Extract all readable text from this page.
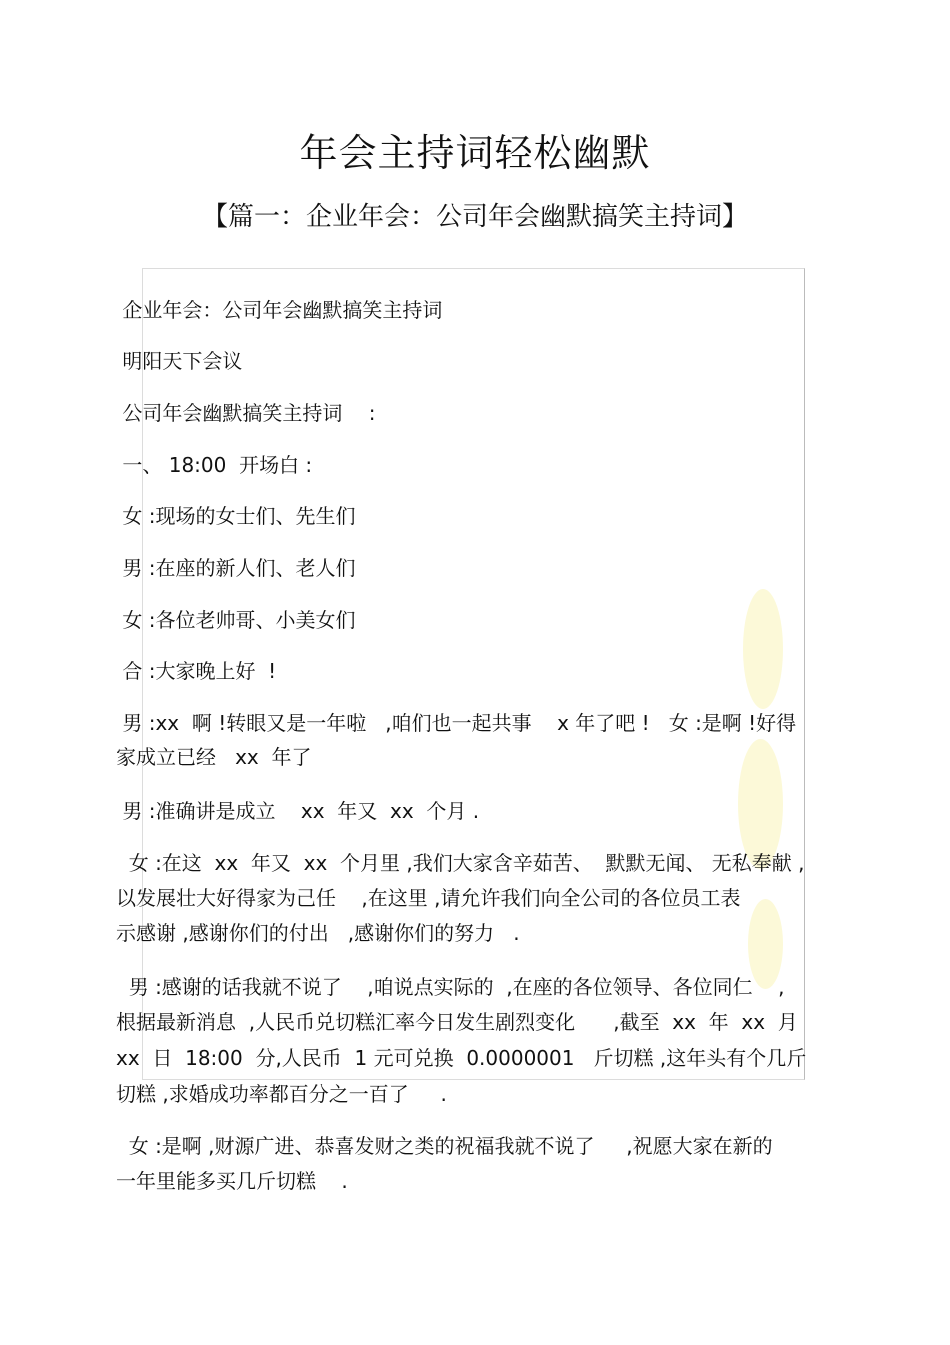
年会主持词轻松幽默
【篇一：企业年会：公司年会幽默搞笑主持词】

企业年会：公司年会幽默搞笑主持词

明阳天下会议

公司年会幽默搞笑主持词　 :

一、 18:00  开场白 :

女 :现场的女士们、先生们

男 :在座的新人们、老人们

女 :各位老帅哥、小美女们

合 :大家晚上好  !

男 :xx  啊 !转眼又是一年啦   ,咱们也一起共事    x 年了吧 !   女 :是啊 !好得

家成立已经   xx  年了

男 :准确讲是成立    xx  年又  xx  个月 .

女 :在这  xx  年又  xx  个月里 ,我们大家含辛茹苦、  默默无闻、 无私奉献 ,

以发展壮大好得家为己任    ,在这里 ,请允许我们向全公司的各位员工表

示感谢 ,感谢你们的付出   ,感谢你们的努力   .

男 :感谢的话我就不说了    ,咱说点实际的  ,在座的各位领导、各位同仁    ,

根据最新消息  ,人民币兑切糕汇率今日发生剧烈变化      ,截至  xx  年  xx  月

xx  日  18:00  分,人民币  1 元可兑换  0.0000001   斤切糕 ,这年头有个几斤

切糕 ,求婚成功率都百分之一百了     .

女 :是啊 ,财源广进、恭喜发财之类的祝福我就不说了     ,祝愿大家在新的

一年里能多买几斤切糕    .
